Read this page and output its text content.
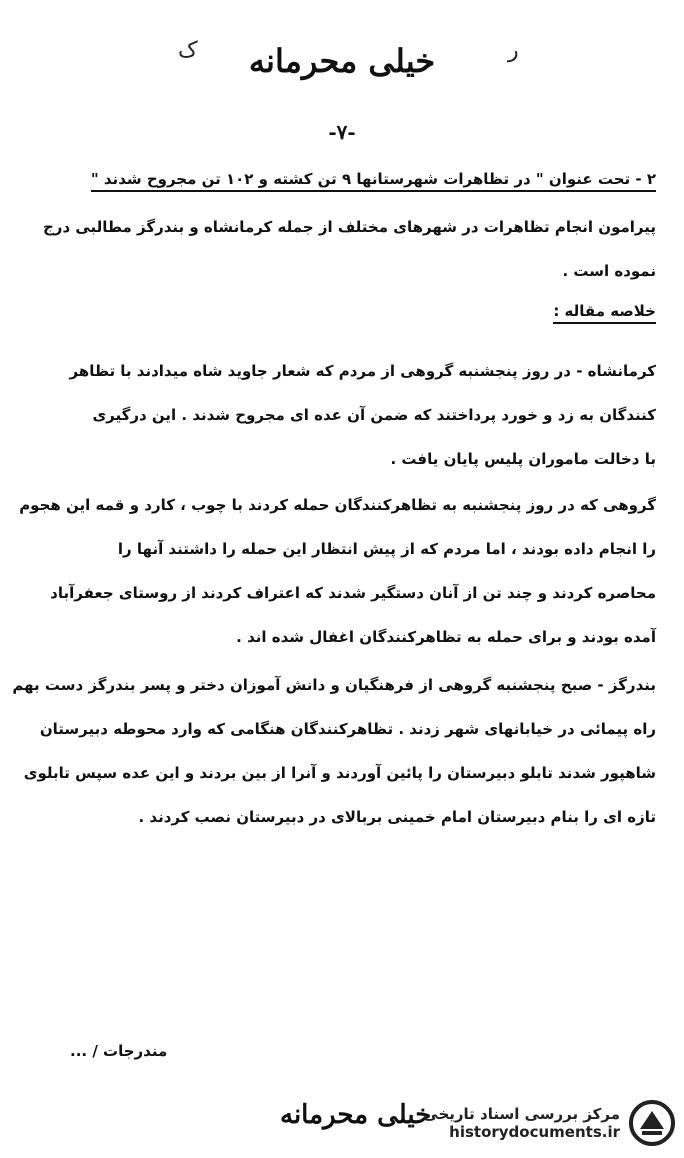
ک	ر
خیلی محرمانه
-۷-
۲ - تحت عنوان " در تظاهرات شهرستانها ۹ تن کشته و ۱۰۲ تن مجروح شدند "
پیرامون انجام تظاهرات در شهرهای مختلف از جمله کرمانشاه و بندرگز مطالبی درج
نموده است .
خلاصه مقاله :
کرمانشاه - در روز پنجشنبه گروهی از مردم که شعار جاوید شاه میدادند با تظاهر
کنندگان به زد و خورد پرداختند که ضمن آن عده ای مجروح شدند . این درگیری
با دخالت ماموران پلیس پایان یافت .
گروهی که در روز پنجشنبه به تظاهرکنندگان حمله کردند با چوب ، کارد و قمه این هجوم
را انجام داده بودند ، اما مردم که از پیش انتظار این حمله را داشتند آنها را
محاصره کردند و چند تن از آنان دستگیر شدند که اعتراف کردند از روستای جعفرآباد
آمده بودند و برای حمله به تظاهرکنندگان اغفال شده اند .
بندرگز - صبح پنجشنبه گروهی از فرهنگیان و دانش آموزان دختر و پسر بندرگز دست بهم
راه پیمائی در خیابانهای شهر زدند . تظاهرکنندگان هنگامی که وارد محوطه دبیرستان
شاهپور شدند تابلو دبیرستان را پائین آوردند و آنرا از بین بردند و این عده سپس تابلوی
تازه ای را بنام دبیرستان امام خمینی بربالای در دبیرستان نصب کردند .
مندرجات / ...
خیلی محرمانه
مرکز بررسی اسناد تاریخی
historydocuments.ir
